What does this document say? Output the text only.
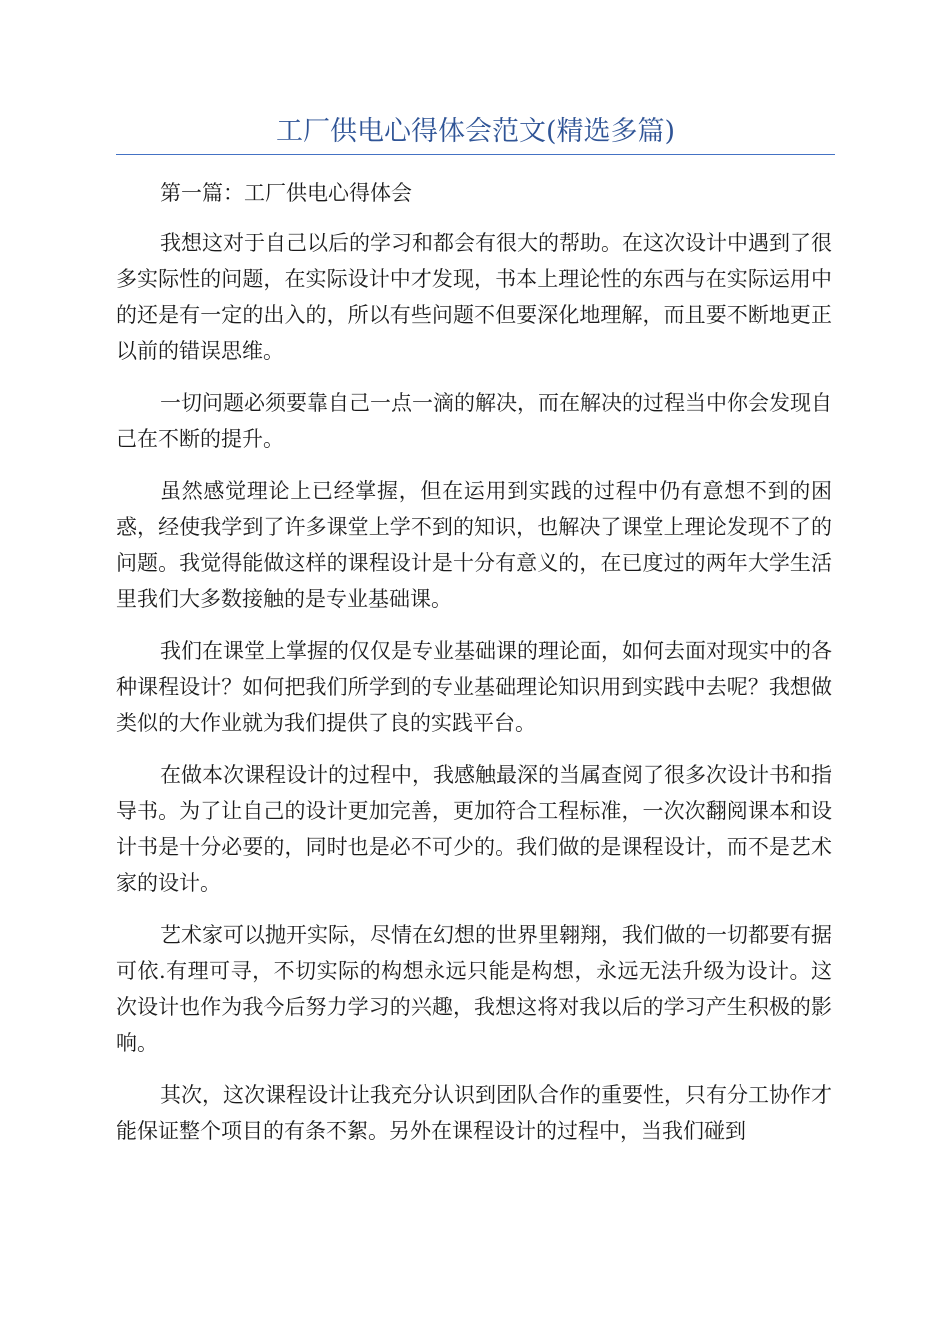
工厂供电心得体会范文(精选多篇)

第一篇：工厂供电心得体会

我想这对于自己以后的学习和都会有很大的帮助。在这次设计中遇到了很多实际性的问题，在实际设计中才发现，书本上理论性的东西与在实际运用中的还是有一定的出入的，所以有些问题不但要深化地理解，而且要不断地更正以前的错误思维。

一切问题必须要靠自己一点一滴的解决，而在解决的过程当中你会发现自己在不断的提升。

虽然感觉理论上已经掌握，但在运用到实践的过程中仍有意想不到的困惑，经使我学到了许多课堂上学不到的知识，也解决了课堂上理论发现不了的问题。我觉得能做这样的课程设计是十分有意义的，在已度过的两年大学生活里我们大多数接触的是专业基础课。

我们在课堂上掌握的仅仅是专业基础课的理论面，如何去面对现实中的各种课程设计？如何把我们所学到的专业基础理论知识用到实践中去呢？我想做类似的大作业就为我们提供了良的实践平台。

在做本次课程设计的过程中，我感触最深的当属查阅了很多次设计书和指导书。为了让自己的设计更加完善，更加符合工程标准，一次次翻阅课本和设计书是十分必要的，同时也是必不可少的。我们做的是课程设计，而不是艺术家的设计。

艺术家可以抛开实际，尽情在幻想的世界里翱翔，我们做的一切都要有据可依.有理可寻，不切实际的构想永远只能是构想，永远无法升级为设计。这次设计也作为我今后努力学习的兴趣，我想这将对我以后的学习产生积极的影响。

其次，这次课程设计让我充分认识到团队合作的重要性，只有分工协作才能保证整个项目的有条不絮。另外在课程设计的过程中，当我们碰到
